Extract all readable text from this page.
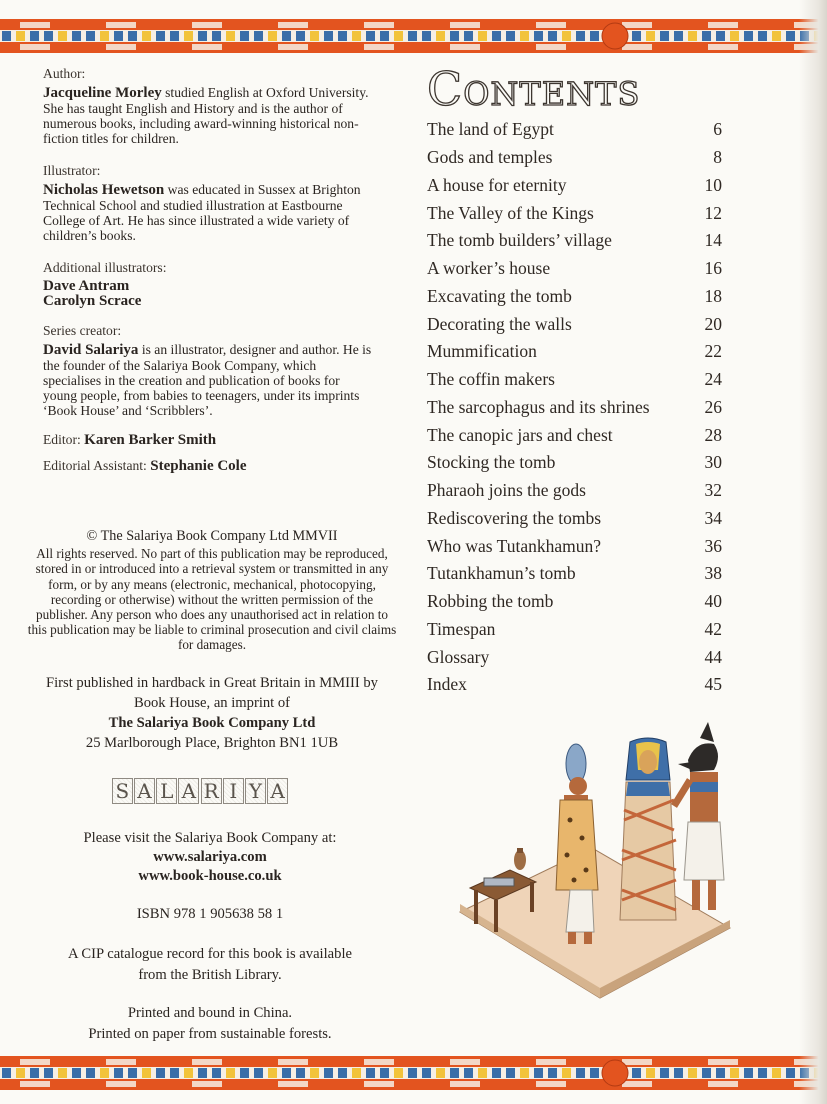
Author:
Jacqueline Morley studied English at Oxford University. She has taught English and History and is the author of numerous books, including award-winning historical non-fiction titles for children.
Illustrator:
Nicholas Hewetson was educated in Sussex at Brighton Technical School and studied illustration at Eastbourne College of Art. He has since illustrated a wide variety of children’s books.
Additional illustrators:
Dave Antram
Carolyn Scrace
Series creator:
David Salariya is an illustrator, designer and author. He is the founder of the Salariya Book Company, which specialises in the creation and publication of books for young people, from babies to teenagers, under its imprints ‘Book House’ and ‘Scribblers’.
Editor: Karen Barker Smith
Editorial Assistant: Stephanie Cole
© The Salariya Book Company Ltd MMVII
All rights reserved. No part of this publication may be reproduced, stored in or introduced into a retrieval system or transmitted in any form, or by any means (electronic, mechanical, photocopying, recording or otherwise) without the written permission of the publisher. Any person who does any unauthorised act in relation to this publication may be liable to criminal prosecution and civil claims for damages.
First published in hardback in Great Britain in MMIII by
Book House, an imprint of
The Salariya Book Company Ltd
25 Marlborough Place, Brighton BN1 1UB
S A L A R I Y A
Please visit the Salariya Book Company at:
www.salariya.com
www.book-house.co.uk
ISBN 978 1 905638 58 1
A CIP catalogue record for this book is available
from the British Library.
Printed and bound in China.
Printed on paper from sustainable forests.
Contents
The land of Egypt	6
Gods and temples	8
A house for eternity	10
The Valley of the Kings	12
The tomb builders’ village	14
A worker’s house	16
Excavating the tomb	18
Decorating the walls	20
Mummification	22
The coffin makers	24
The sarcophagus and its shrines	26
The canopic jars and chest	28
Stocking the tomb	30
Pharaoh joins the gods	32
Rediscovering the tombs	34
Who was Tutankhamun?	36
Tutankhamun’s tomb	38
Robbing the tomb	40
Timespan	42
Glossary	44
Index	45
